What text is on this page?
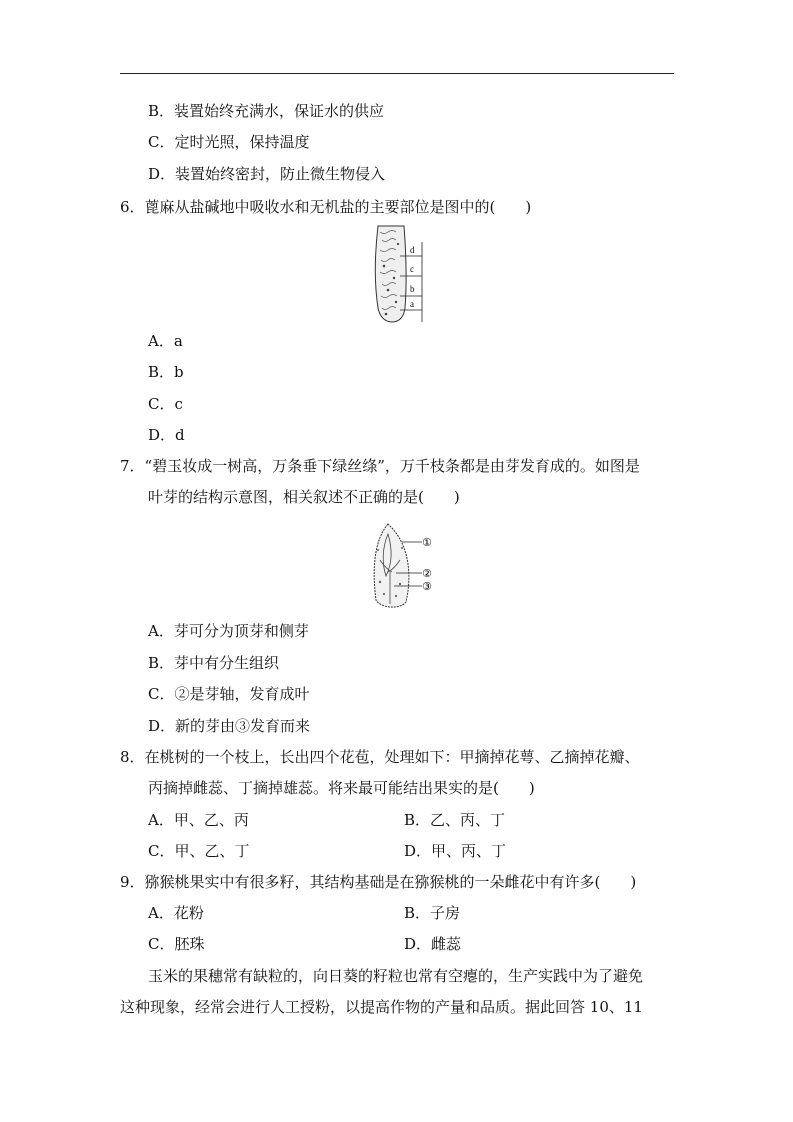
B．装置始终充满水，保证水的供应
C．定时光照，保持温度
D．装置始终密封，防止微生物侵入
6．蓖麻从盐碱地中吸收水和无机盐的主要部位是图中的(　　)
d
c
b
a
A．a
B．b
C．c
D．d
7．“碧玉妆成一树高，万条垂下绿丝绦”，万千枝条都是由芽发育成的。如图是
叶芽的结构示意图，相关叙述不正确的是(　　)
①
②
③
A．芽可分为顶芽和侧芽
B．芽中有分生组织
C．②是芽轴，发育成叶
D．新的芽由③发育而来
8．在桃树的一个枝上，长出四个花苞，处理如下：甲摘掉花萼、乙摘掉花瓣、
丙摘掉雌蕊、丁摘掉雄蕊。将来最可能结出果实的是(　　)
A．甲、乙、丙	B．乙、丙、丁
C．甲、乙、丁	D．甲、丙、丁
9．猕猴桃果实中有很多籽，其结构基础是在猕猴桃的一朵雌花中有许多(　　)
A．花粉	B．子房
C．胚珠	D．雌蕊
玉米的果穗常有缺粒的，向日葵的籽粒也常有空瘪的，生产实践中为了避免
这种现象，经常会进行人工授粉，以提高作物的产量和品质。据此回答 10、11
